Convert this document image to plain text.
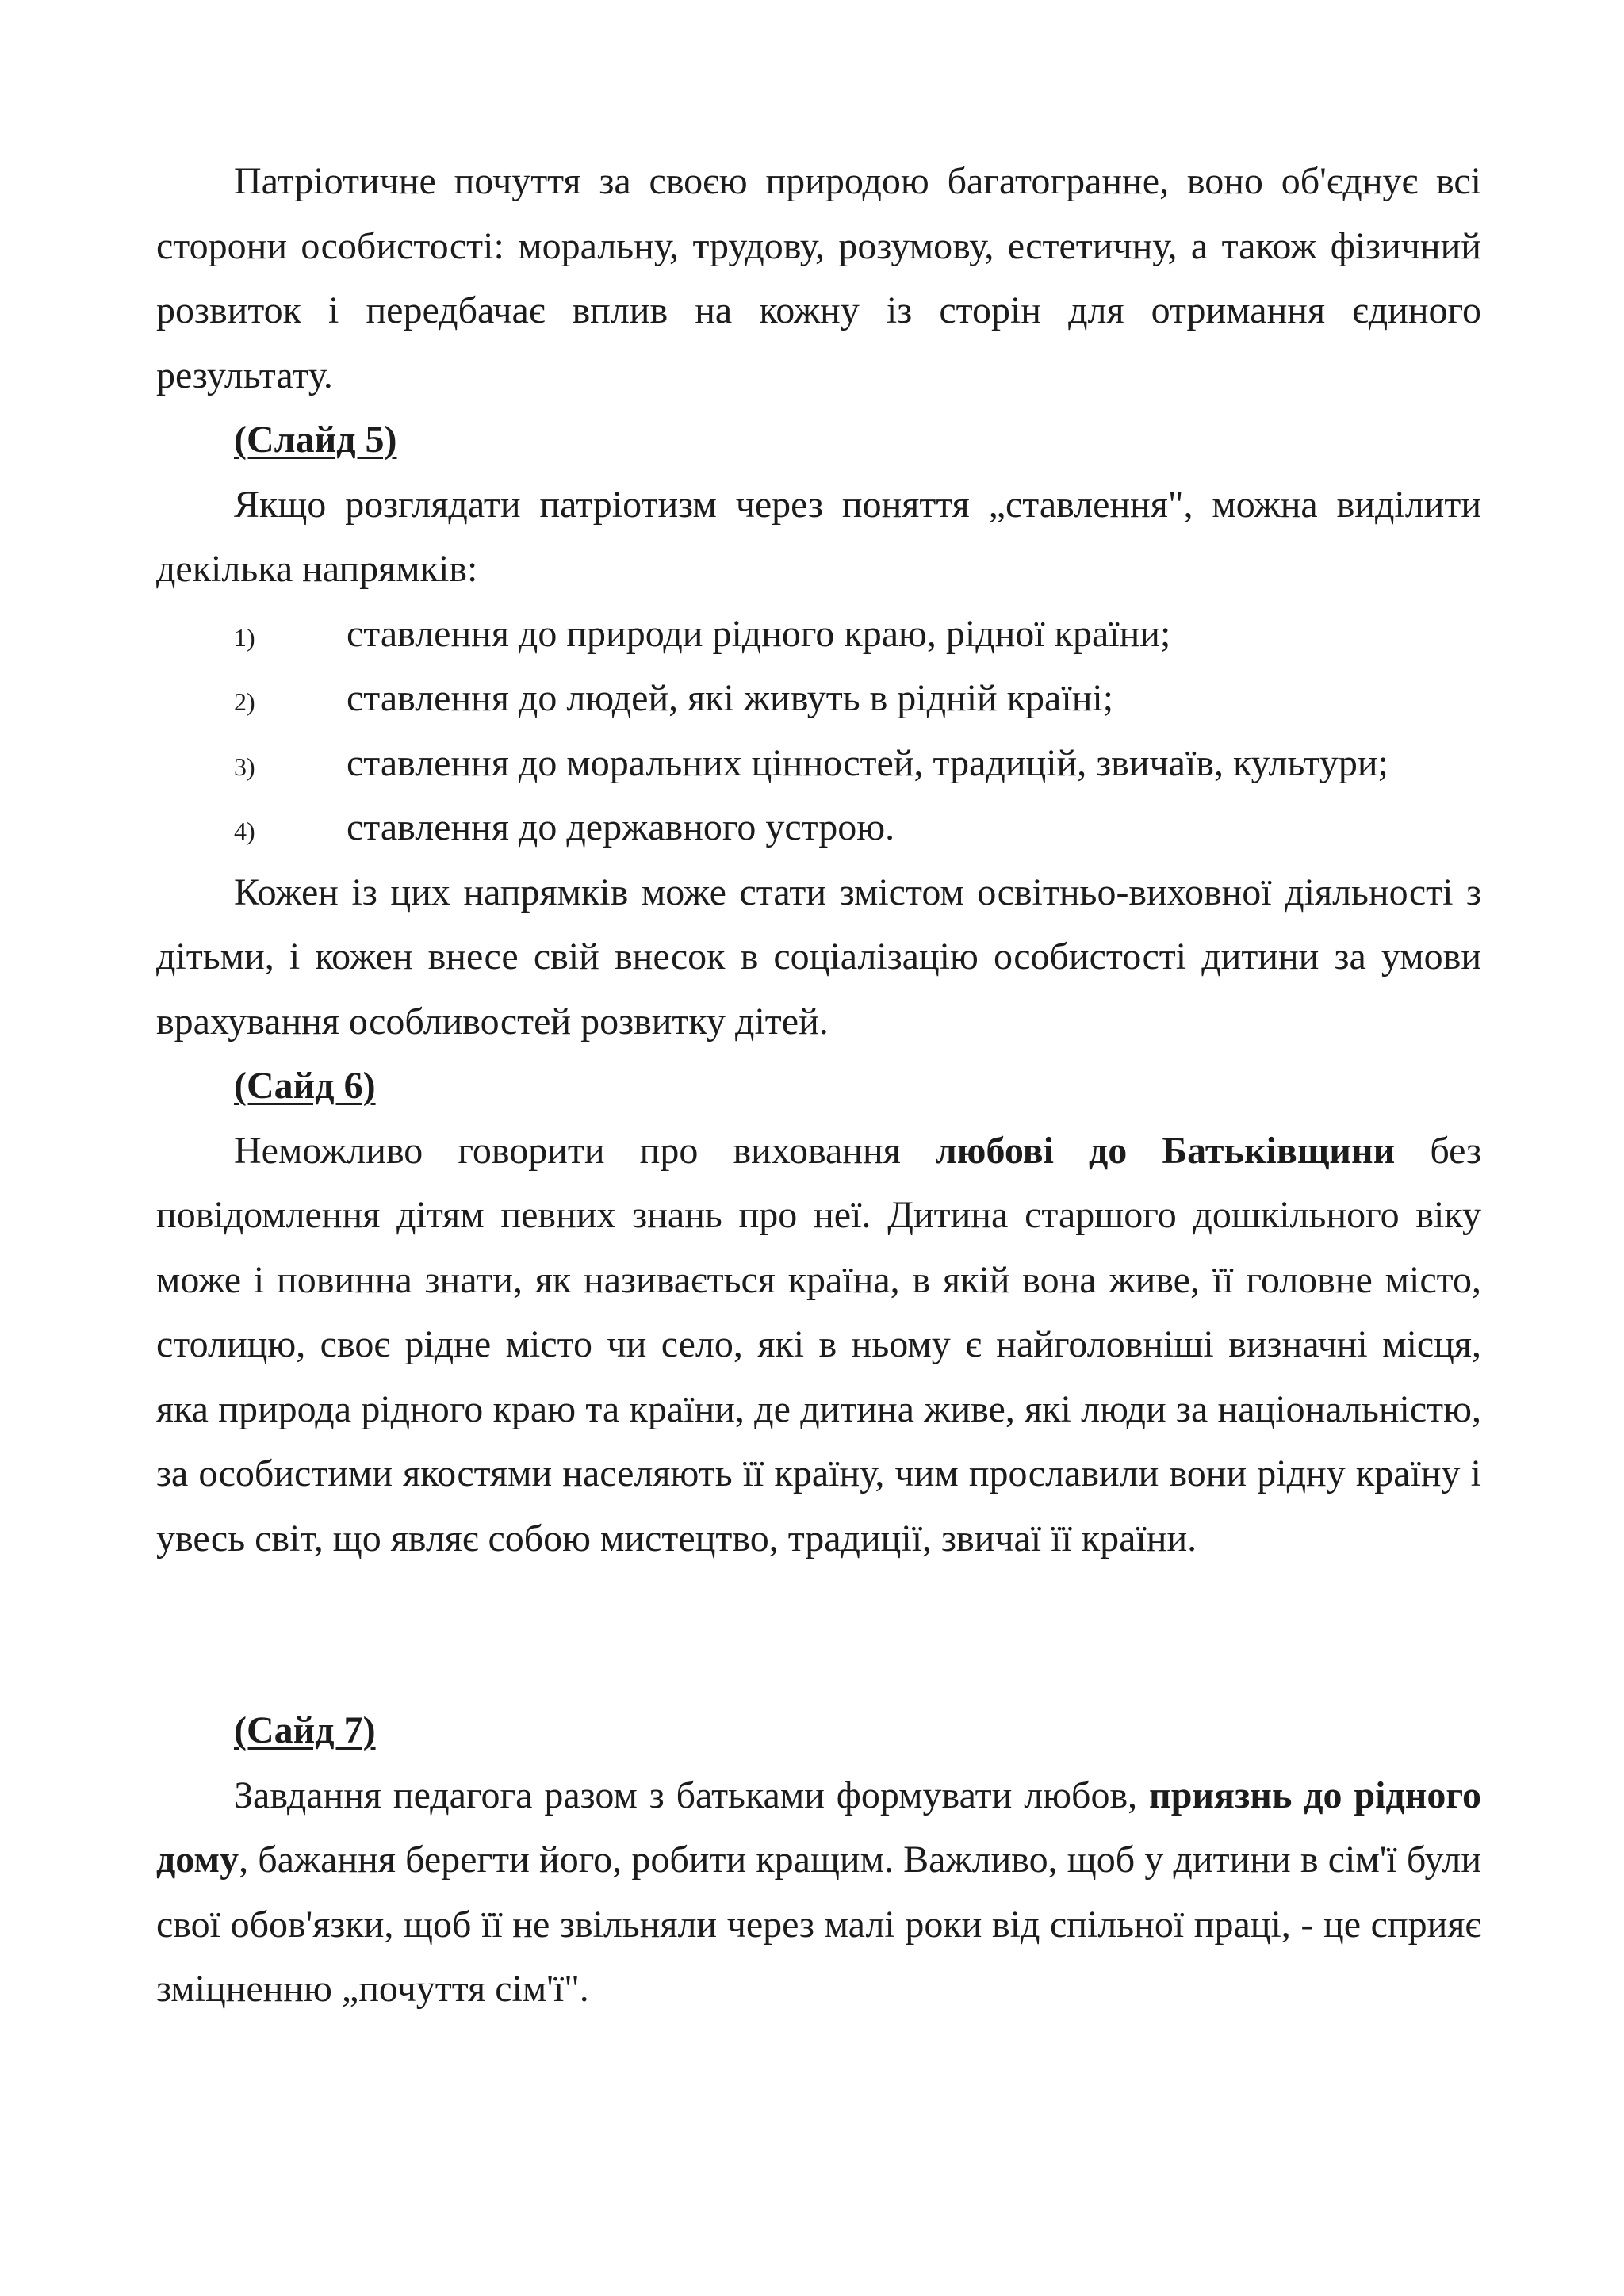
Патріотичне почуття за своєю природою багатогранне, воно об'єднує всі сторони особистості: моральну, трудову, розумову, естетичну, а також фізичний розвиток і передбачає вплив на кожну із сторін для отримання єдиного результату.

(Слайд 5)

Якщо розглядати патріотизм через поняття „ставлення", можна виділити декілька напрямків:

1)	ставлення до природи рідного краю, рідної країни;
2)	ставлення до людей, які живуть в рідній країні;
3)	ставлення до моральних цінностей, традицій, звичаїв, культури;
4)	ставлення до державного устрою.

Кожен із цих напрямків може стати змістом освітньо-виховної діяльності з дітьми, і кожен внесе свій внесок в соціалізацію особистості дитини за умови врахування особливостей розвитку дітей.

(Сайд 6)

Неможливо говорити про виховання любові до Батьківщини без повідомлення дітям певних знань про неї. Дитина старшого дошкільного віку може і повинна знати, як називається країна, в якій вона живе, її головне місто, столицю, своє рідне місто чи село, які в ньому є найголовніші визначні місця, яка природа рідного краю та країни, де дитина живе, які люди за національністю, за особистими якостями населяють її країну, чим прославили вони рідну країну і увесь світ, що являє собою мистецтво, традиції, звичаї її країни.

(Сайд 7)

Завдання педагога разом з батьками формувати любов, приязнь до рідного дому, бажання берегти його, робити кращим. Важливо, щоб у дитини в сім'ї були свої обов'язки, щоб її не звільняли через малі роки від спільної праці, - це сприяє зміцненню „почуття сім'ї".
